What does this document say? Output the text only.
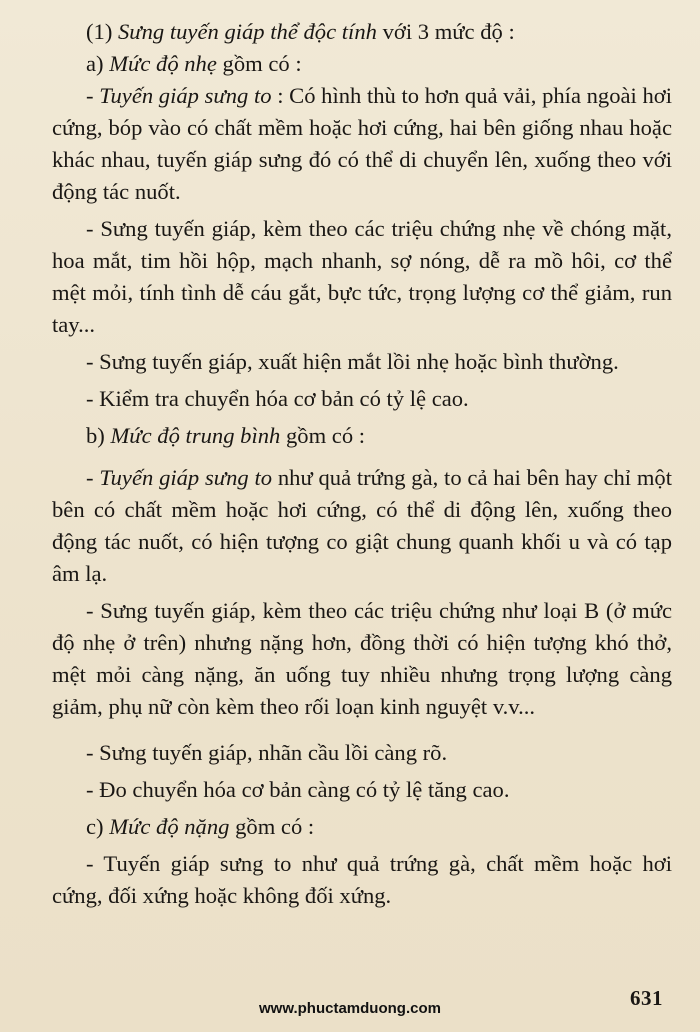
(1) Sưng tuyến giáp thể độc tính với 3 mức độ :

a) Mức độ nhẹ gồm có :

- Tuyến giáp sưng to : Có hình thù to hơn quả vải, phía ngoài hơi cứng, bóp vào có chất mềm hoặc hơi cứng, hai bên giống nhau hoặc khác nhau, tuyến giáp sưng đó có thể di chuyển lên, xuống theo với động tác nuốt.

- Sưng tuyến giáp, kèm theo các triệu chứng nhẹ về chóng mặt, hoa mắt, tim hồi hộp, mạch nhanh, sợ nóng, dễ ra mồ hôi, cơ thể mệt mỏi, tính tình dễ cáu gắt, bực tức, trọng lượng cơ thể giảm, run tay...

- Sưng tuyến giáp, xuất hiện mắt lồi nhẹ hoặc bình thường.

- Kiểm tra chuyển hóa cơ bản có tỷ lệ cao.

b) Mức độ trung bình gồm có :

- Tuyến giáp sưng to như quả trứng gà, to cả hai bên hay chỉ một bên có chất mềm hoặc hơi cứng, có thể di động lên, xuống theo động tác nuốt, có hiện tượng co giật chung quanh khối u và có tạp âm lạ.

- Sưng tuyến giáp, kèm theo các triệu chứng như loại B (ở mức độ nhẹ ở trên) nhưng nặng hơn, đồng thời có hiện tượng khó thở, mệt mỏi càng nặng, ăn uống tuy nhiều nhưng trọng lượng càng giảm, phụ nữ còn kèm theo rối loạn kinh nguyệt v.v...

- Sưng tuyến giáp, nhãn cầu lồi càng rõ.

- Đo chuyển hóa cơ bản càng có tỷ lệ tăng cao.

c) Mức độ nặng gồm có :

- Tuyến giáp sưng to như quả trứng gà, chất mềm hoặc hơi cứng, đối xứng hoặc không đối xứng.

631
www.phuctamduong.com
